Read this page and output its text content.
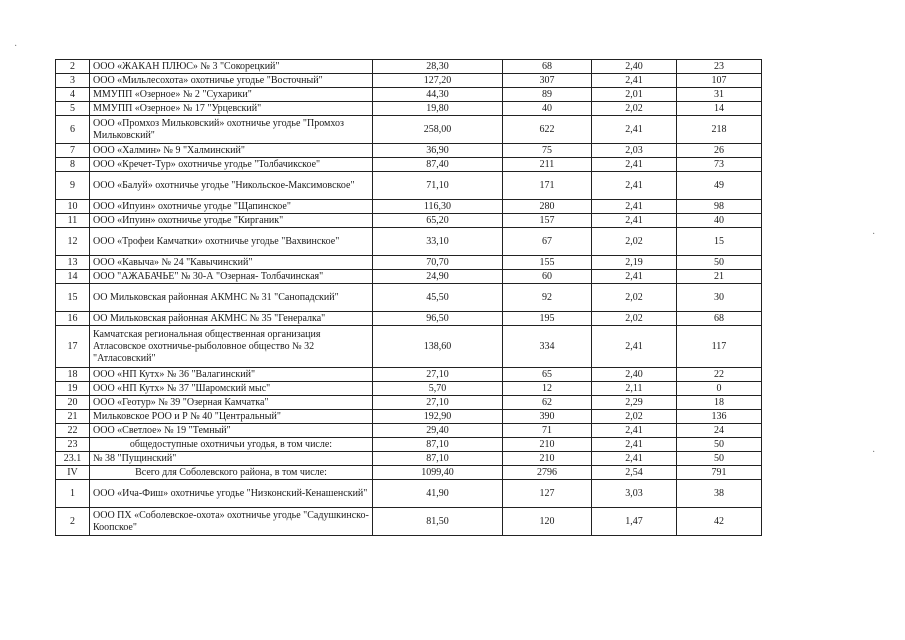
·
·
·
2	ООО «ЖАКАН ПЛЮС» № 3 "Сокорецкий"	28,30	68	2,40	23
3	ООО «Мильлесохота» охотничье угодье "Восточный"	127,20	307	2,41	107
4	ММУПП «Озерное» № 2 "Сухарики"	44,30	89	2,01	31
5	ММУПП «Озерное» № 17 "Урцевский"	19,80	40	2,02	14
6	ООО «Промхоз Мильковский» охотничье угодье "Промхоз Мильковский"	258,00	622	2,41	218
7	ООО «Халмин» № 9 "Халминский"	36,90	75	2,03	26
8	ООО «Кречет-Тур» охотничье угодье "Толбачикское"	87,40	211	2,41	73
9	ООО «Балуй» охотничье угодье "Никольское-Максимовское"	71,10	171	2,41	49
10	ООО «Ипуин» охотничье угодье "Щапинское"	116,30	280	2,41	98
11	ООО «Ипуин» охотничье угодье "Кирганик"	65,20	157	2,41	40
12	ООО «Трофеи Камчатки» охотничье угодье "Вахвинское"	33,10	67	2,02	15
13	ООО «Кавыча» № 24 "Кавычинский"	70,70	155	2,19	50
14	ООО "АЖАБАЧЬЕ" № 30-А "Озерная- Толбачинская"	24,90	60	2,41	21
15	ОО Мильковская районная АКМНС № 31 "Санопадский"	45,50	92	2,02	30
16	ОО Мильковская районная АКМНС № 35 "Генералка"	96,50	195	2,02	68
17	Камчатская региональная общественная организация Атласовское охотничье-рыболовное общество № 32 "Атласовский"	138,60	334	2,41	117
18	ООО «НП Кутх» № 36 "Валагинский"	27,10	65	2,40	22
19	ООО «НП Кутх» № 37 "Шаромский мыс"	5,70	12	2,11	0
20	ООО «Геотур» № 39 "Озерная Камчатка"	27,10	62	2,29	18
21	Мильковское РОО и Р № 40 "Центральный"	192,90	390	2,02	136
22	ООО «Светлое» № 19 "Темный"	29,40	71	2,41	24
23	общедоступные охотничьи угодья, в том числе:	87,10	210	2,41	50
23.1	№ 38 "Пущинский"	87,10	210	2,41	50
IV	Всего для Соболевского района, в том числе:	1099,40	2796	2,54	791
1	ООО «Ича-Фиш» охотничье угодье "Низконский-Кенашенский"	41,90	127	3,03	38
2	ООО ПХ «Соболевское-охота» охотничье угодье "Садушкинско-Коопское"	81,50	120	1,47	42
